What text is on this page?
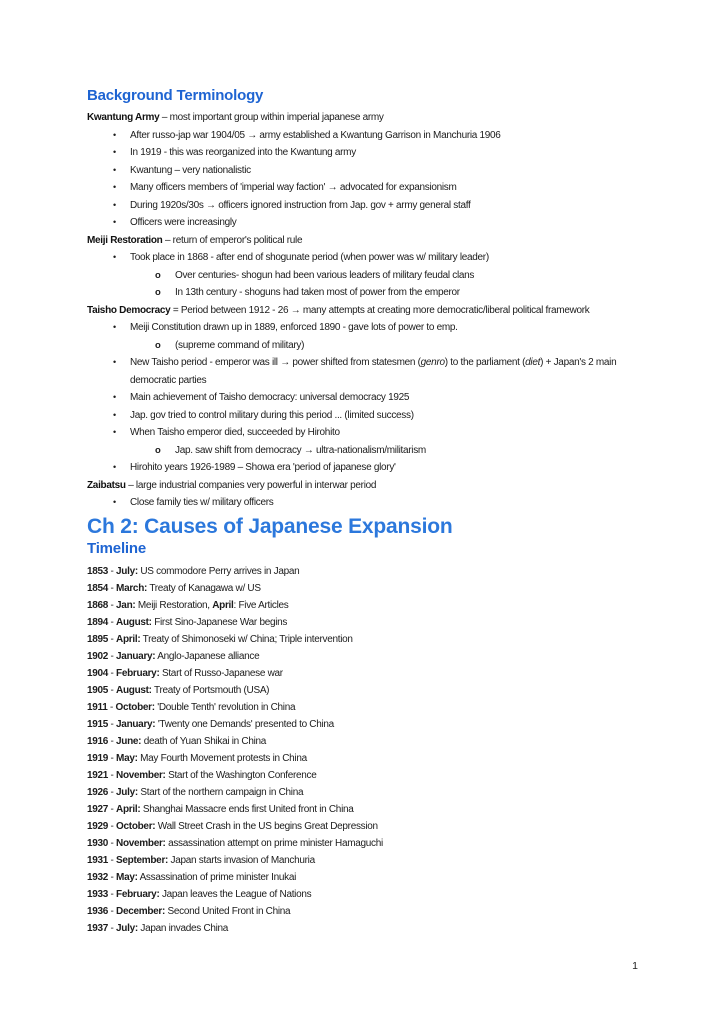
Background Terminology
Kwantung Army – most important group within imperial japanese army
•	After russo-jap war 1904/05 → army established a Kwantung Garrison in Manchuria 1906
•	In 1919 - this was reorganized into the Kwantung army
•	Kwantung – very nationalistic
•	Many officers members of 'imperial way faction' → advocated for expansionism
•	During 1920s/30s → officers ignored instruction from Jap. gov + army general staff
•	Officers were increasingly
Meiji Restoration – return of emperor's political rule
•	Took place in 1868 - after end of shogunate period (when power was w/ military leader)
o	Over centuries- shogun had been various leaders of military feudal clans
o	In 13th century - shoguns had taken most of power from the emperor
Taisho Democracy = Period between 1912 - 26 → many attempts at creating more democratic/liberal political framework
•	Meiji Constitution drawn up in 1889, enforced 1890 - gave lots of power to emp.
o	(supreme command of military)
•	New Taisho period - emperor was ill → power shifted from statesmen (genro) to the parliament (diet) + Japan's 2 main democratic parties
•	Main achievement of Taisho democracy: universal democracy 1925
•	Jap. gov tried to control military during this period ... (limited success)
•	When Taisho emperor died, succeeded by Hirohito
o	Jap. saw shift from democracy → ultra-nationalism/militarism
•	Hirohito years 1926-1989 – Showa era 'period of japanese glory'
Zaibatsu – large industrial companies very powerful in interwar period
•	Close family ties w/ military officers
Ch 2: Causes of Japanese Expansion
Timeline
1853 - July: US commodore Perry arrives in Japan
1854 - March: Treaty of Kanagawa w/ US
1868 - Jan: Meiji Restoration, April: Five Articles
1894 - August: First Sino-Japanese War begins
1895 - April: Treaty of Shimonoseki w/ China; Triple intervention
1902 - January: Anglo-Japanese alliance
1904 - February: Start of Russo-Japanese war
1905 - August: Treaty of Portsmouth (USA)
1911 - October: 'Double Tenth' revolution in China
1915 - January: 'Twenty one Demands' presented to China
1916 - June: death of Yuan Shikai in China
1919 - May: May Fourth Movement protests in China
1921 - November: Start of the Washington Conference
1926 - July: Start of the northern campaign in China
1927 - April: Shanghai Massacre ends first United front in China
1929 - October: Wall Street Crash in the US begins Great Depression
1930 - November: assassination attempt on prime minister Hamaguchi
1931 - September: Japan starts invasion of Manchuria
1932 - May: Assassination of prime minister Inukai
1933 - February: Japan leaves the League of Nations
1936 - December: Second United Front in China
1937 - July: Japan invades China
1
